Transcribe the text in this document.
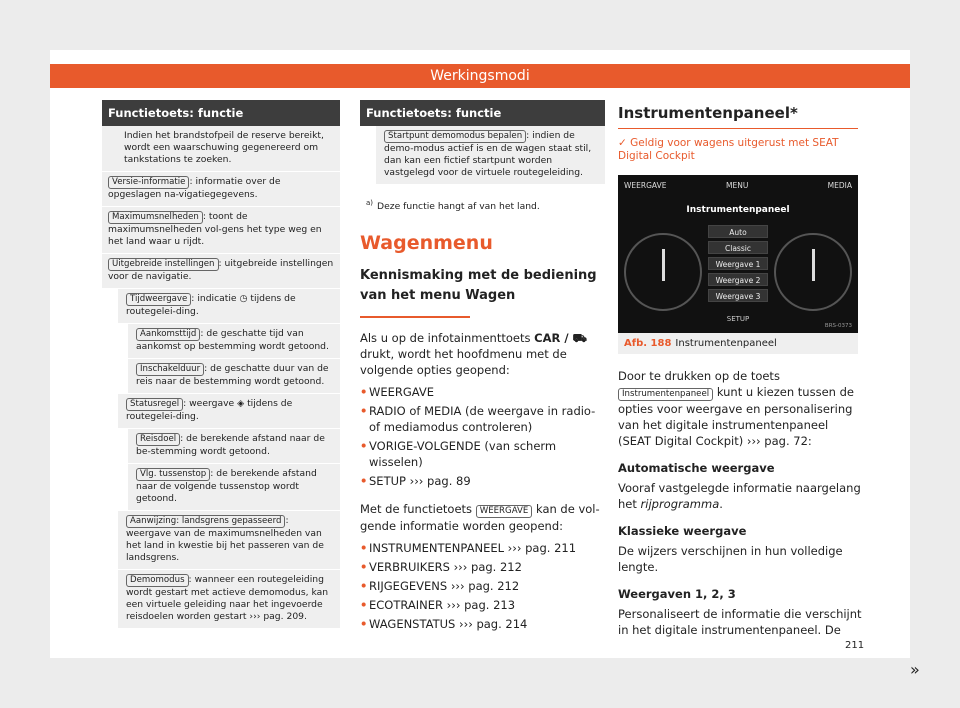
Werkingsmodi
Functietoets: functie
Indien het brandstofpeil de reserve bereikt, wordt een waarschuwing gegenereerd om tankstations te zoeken.
Versie-informatie : informatie over de opgeslagen na-vigatiegegevens.
Maximumsnelheden : toont de maximumsnelheden vol-gens het type weg en het land waar u rijdt.
Uitgebreide instellingen : uitgebreide instellingen voor de navigatie.
Tijdweergave : indicatie ◷ tijdens de routegelei-ding.
Aankomsttijd : de geschatte tijd van aankomst op bestemming wordt getoond.
Inschakelduur : de geschatte duur van de reis naar de bestemming wordt getoond.
Statusregel : weergave ◈ tijdens de routegelei-ding.
Reisdoel : de berekende afstand naar de be-stemming wordt getoond.
Vlg. tussenstop : de berekende afstand naar de volgende tussenstop wordt getoond.
Aanwijzing: landsgrens gepasseerd : weergave van de maximumsnelheden van het land in kwestie bij het passeren van de landsgrens.
Demomodus : wanneer een routegeleiding wordt gestart met actieve demomodus, kan een virtuele geleiding naar het ingevoerde reisdoelen worden gestart ››› pag. 209.
Functietoets: functie
Startpunt demomodus bepalen : indien de demo-modus actief is en de wagen staat stil, dan kan een fictief startpunt worden vastgelegd voor de virtuele routegeleiding.
$^{a)}$ Deze functie hangt af van het land.
Wagenmenu
Kennismaking met de bediening van het menu Wagen
Als u op de infotainmenttoets CAR / ⛟ drukt, wordt het hoofdmenu met de volgende opties geopend:
• WEERGAVE
• RADIO of MEDIA (de weergave in radio- of mediamodus controleren)
• VORIGE-VOLGENDE (van scherm wisselen)
• SETUP ››› pag. 89
Met de functietoets WEERGAVE kan de vol-gende informatie worden geopend:
• INSTRUMENTENPANEEL ››› pag. 211
• VERBRUIKERS ››› pag. 212
• RIJGEGEVENS ››› pag. 212
• ECOTRAINER ››› pag. 213
• WAGENSTATUS ››› pag. 214
Instrumentenpaneel*
✓ Geldig voor wagens uitgerust met SEAT Digital Cockpit
WEERGAVE	MENU	MEDIA
Instrumentenpaneel
Auto
Classic
Weergave 1
Weergave 2
Weergave 3
SETUP
BRS-0373
Afb. 188 Instrumentenpaneel
Door te drukken op de toets Instrumentenpaneel kunt u kiezen tussen de opties voor weergave en personalisering van het digitale instrumentenpaneel (SEAT Digital Cockpit) ››› pag. 72:
Automatische weergave
Vooraf vastgelegde informatie naargelang het rijprogramma.
Klassieke weergave
De wijzers verschijnen in hun volledige lengte.
Weergaven 1, 2, 3
Personaliseert de informatie die verschijnt in het digitale instrumentenpaneel. De
»
211
